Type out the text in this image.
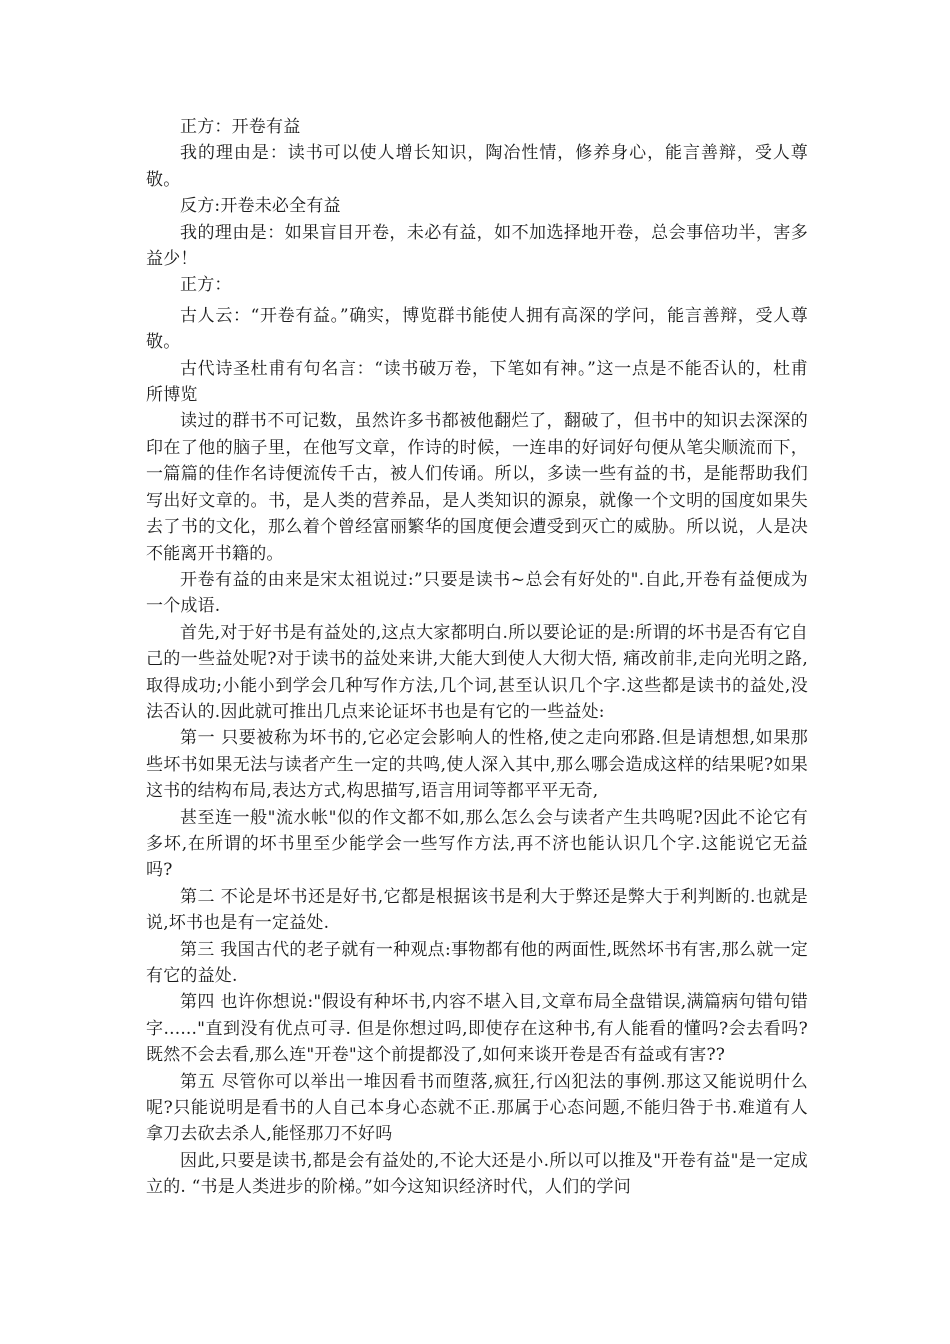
正方：开卷有益

我的理由是：读书可以使人增长知识，陶冶性情，修养身心，能言善辩，受人尊敬。

反方:开卷未必全有益

我的理由是：如果盲目开卷，未必有益，如不加选择地开卷，总会事倍功半，害多益少！

正方：

古人云：“开卷有益。”确实，博览群书能使人拥有高深的学问，能言善辩，受人尊敬。

古代诗圣杜甫有句名言：“读书破万卷，下笔如有神。”这一点是不能否认的，杜甫所博览

读过的群书不可记数，虽然许多书都被他翻烂了，翻破了，但书中的知识去深深的印在了他的脑子里，在他写文章，作诗的时候，一连串的好词好句便从笔尖顺流而下，一篇篇的佳作名诗便流传千古，被人们传诵。所以，多读一些有益的书，是能帮助我们写出好文章的。书，是人类的营养品，是人类知识的源泉，就像一个文明的国度如果失去了书的文化，那么着个曾经富丽繁华的国度便会遭受到灭亡的威胁。所以说，人是决不能离开书籍的。

开卷有益的由来是宋太祖说过:”只要是读书~总会有好处的".自此,开卷有益便成为一个成语.

首先,对于好书是有益处的,这点大家都明白.所以要论证的是:所谓的坏书是否有它自己的一些益处呢?对于读书的益处来讲,大能大到使人大彻大悟, 痛改前非,走向光明之路,取得成功;小能小到学会几种写作方法,几个词,甚至认识几个字.这些都是读书的益处,没法否认的.因此就可推出几点来论证坏书也是有它的一些益处:

第一 只要被称为坏书的,它必定会影响人的性格,使之走向邪路.但是请想想,如果那些坏书如果无法与读者产生一定的共鸣,使人深入其中,那么哪会造成这样的结果呢?如果这书的结构布局,表达方式,构思描写,语言用词等都平平无奇,

甚至连一般"流水帐"似的作文都不如,那么怎么会与读者产生共鸣呢?因此不论它有多坏,在所谓的坏书里至少能学会一些写作方法,再不济也能认识几个字.这能说它无益吗?

第二 不论是坏书还是好书,它都是根据该书是利大于弊还是弊大于利判断的.也就是说,坏书也是有一定益处.

第三 我国古代的老子就有一种观点:事物都有他的两面性,既然坏书有害,那么就一定有它的益处.

第四 也许你想说:"假设有种坏书,内容不堪入目,文章布局全盘错误,满篇病句错句错字......"直到没有优点可寻. 但是你想过吗,即使存在这种书,有人能看的懂吗?会去看吗?既然不会去看,那么连"开卷"这个前提都没了,如何来谈开卷是否有益或有害??

第五 尽管你可以举出一堆因看书而堕落,疯狂,行凶犯法的事例.那这又能说明什么呢?只能说明是看书的人自己本身心态就不正.那属于心态问题,不能归咎于书.难道有人拿刀去砍去杀人,能怪那刀不好吗

因此,只要是读书,都是会有益处的,不论大还是小.所以可以推及"开卷有益"是一定成立的. “书是人类进步的阶梯。”如今这知识经济时代，人们的学问
